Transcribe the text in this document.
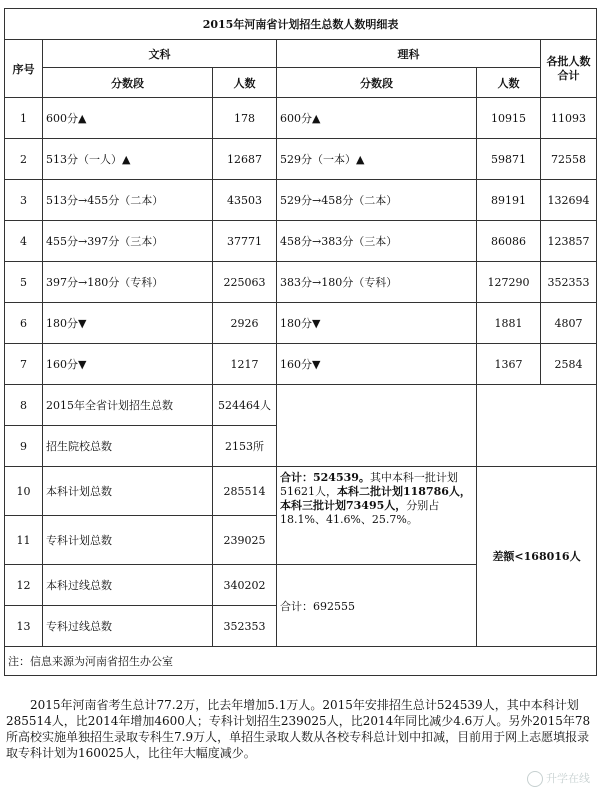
2015年河南省计划招生总数人数明细表					
序号	文科		理科		各批人数合计
	分数段	人数	分数段	人数	
1	600分▲	178	600分▲	10915	11093
2	513分（一人）▲	12687	529分（一本）▲	59871	72558
3	513分→455分（二本）	43503	529分→458分（二本）	89191	132694
4	455分→397分（三本）	37771	458分→383分（三本）	86086	123857
5	397分→180分（专科）	225063	383分→180分（专科）	127290	352353
6	180分▼	2926	180分▼	1881	4807
7	160分▼	1217	160分▼	1367	2584
8	2015年全省计划招生总数	524464人			
9	招生院校总数	2153所			
10	本科计划总数	285514	合计：524539。其中本科一批计划51621人，本科二批计划118786人，本科三批计划73495人，分别占18.1%、41.6%、25.7%。	差额<168016人	
11	专科计划总数	239025			
12	本科过线总数	340202	合计：692555		
13	专科过线总数	352353			
注：信息来源为河南省招生办公室					
2015年河南省考生总计77.2万，比去年增加5.1万人。2015年安排招生总计524539人，其中本科计划285514人，比2014年增加4600人；专科计划招生239025人，比2014年同比减少4.6万人。另外2015年78所高校实施单独招生录取专科生7.9万人，单招生录取人数从各校专科总计划中扣减，目前用于网上志愿填报录取专科计划为160025人，比往年大幅度减少。
升学在线
